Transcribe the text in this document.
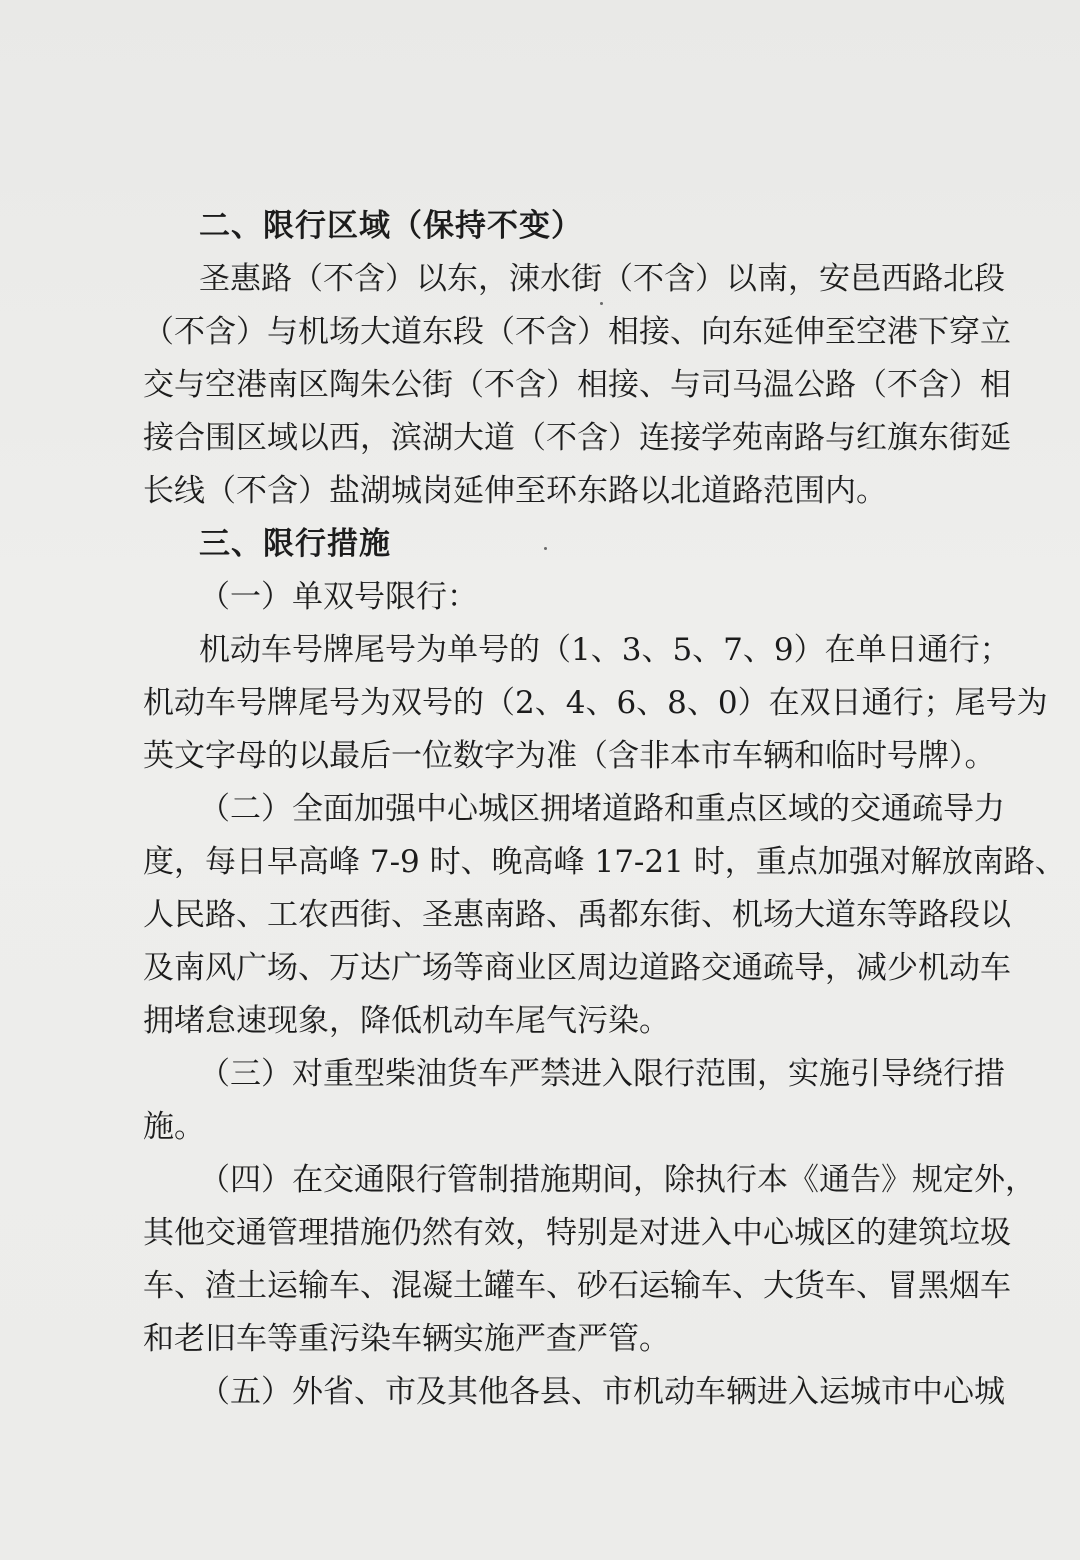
二、限行区域（保持不变）
圣惠路（不含）以东，涑水街（不含）以南，安邑西路北段
（不含）与机场大道东段（不含）相接、向东延伸至空港下穿立
交与空港南区陶朱公街（不含）相接、与司马温公路（不含）相
接合围区域以西，滨湖大道（不含）连接学苑南路与红旗东街延
长线（不含）盐湖城岗延伸至环东路以北道路范围内。
三、限行措施
（一）单双号限行：
机动车号牌尾号为单号的（1、3、5、7、9）在单日通行；
机动车号牌尾号为双号的（2、4、6、8、0）在双日通行；尾号为
英文字母的以最后一位数字为准（含非本市车辆和临时号牌）。
（二）全面加强中心城区拥堵道路和重点区域的交通疏导力
度，每日早高峰 7-9 时、晚高峰 17-21 时，重点加强对解放南路、
人民路、工农西街、圣惠南路、禹都东街、机场大道东等路段以
及南风广场、万达广场等商业区周边道路交通疏导，减少机动车
拥堵怠速现象，降低机动车尾气污染。
（三）对重型柴油货车严禁进入限行范围，实施引导绕行措
施。
（四）在交通限行管制措施期间，除执行本《通告》规定外，
其他交通管理措施仍然有效，特别是对进入中心城区的建筑垃圾
车、渣土运输车、混凝土罐车、砂石运输车、大货车、冒黑烟车
和老旧车等重污染车辆实施严查严管。
（五）外省、市及其他各县、市机动车辆进入运城市中心城
